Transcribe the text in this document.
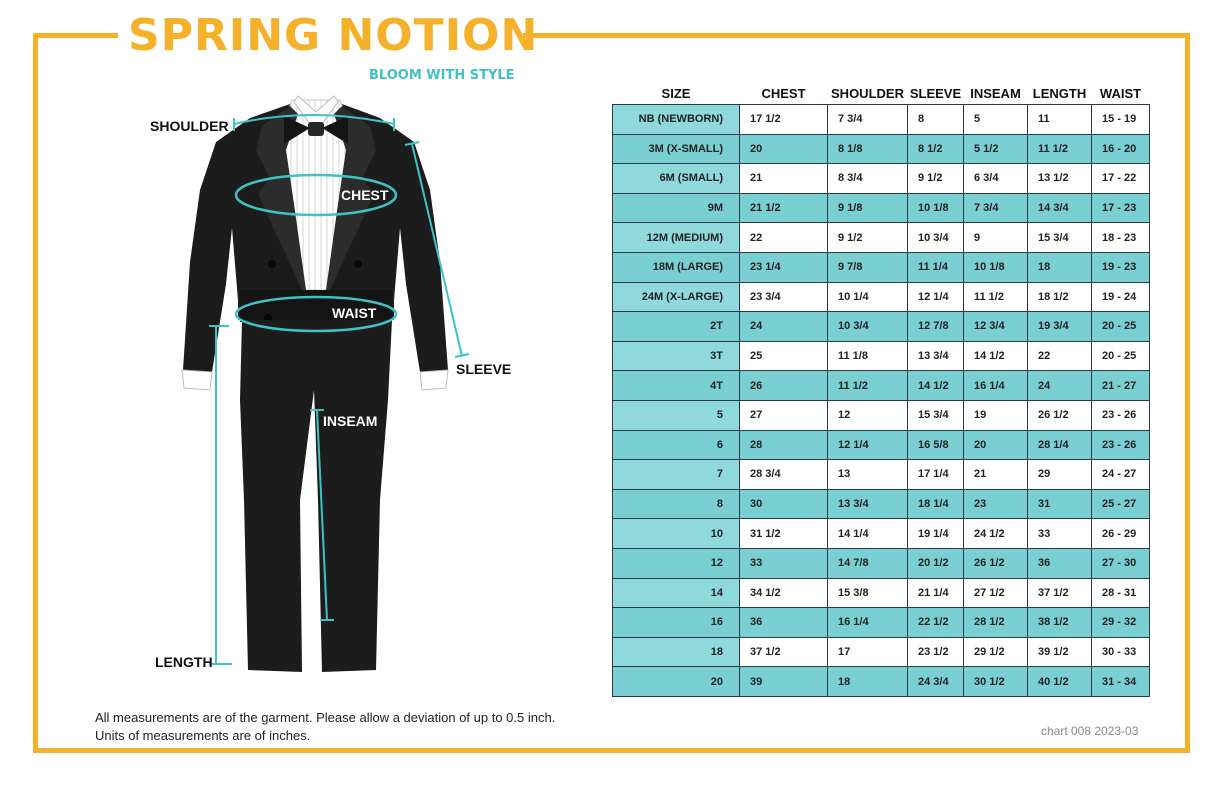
SPRING NOTION
BLOOM WITH STYLE
SHOULDER
CHEST
WAIST
SLEEVE
INSEAM
LENGTH
SIZE	CHEST	SHOULDER	SLEEVE	INSEAM	LENGTH	WAIST
NB (NEWBORN)	17 1/2	7 3/4	8	5	11	15 - 19
3M (X-SMALL)	20	8 1/8	8 1/2	5 1/2	11 1/2	16 - 20
6M (SMALL)	21	8 3/4	9 1/2	6 3/4	13 1/2	17 - 22
9M	21 1/2	9 1/8	10 1/8	7 3/4	14 3/4	17 - 23
12M (MEDIUM)	22	9 1/2	10 3/4	9	15 3/4	18 - 23
18M (LARGE)	23 1/4	9 7/8	11 1/4	10 1/8	18	19 - 23
24M (X-LARGE)	23 3/4	10 1/4	12 1/4	11 1/2	18 1/2	19 - 24
2T	24	10 3/4	12 7/8	12 3/4	19 3/4	20 - 25
3T	25	11 1/8	13 3/4	14 1/2	22	20 - 25
4T	26	11 1/2	14 1/2	16 1/4	24	21 - 27
5	27	12	15 3/4	19	26 1/2	23 - 26
6	28	12 1/4	16 5/8	20	28 1/4	23 - 26
7	28 3/4	13	17 1/4	21	29	24 - 27
8	30	13 3/4	18 1/4	23	31	25 - 27
10	31 1/2	14 1/4	19 1/4	24 1/2	33	26 - 29
12	33	14 7/8	20 1/2	26 1/2	36	27 - 30
14	34 1/2	15 3/8	21 1/4	27 1/2	37 1/2	28 - 31
16	36	16 1/4	22 1/2	28 1/2	38 1/2	29 - 32
18	37 1/2	17	23 1/2	29 1/2	39 1/2	30 - 33
20	39	18	24 3/4	30 1/2	40 1/2	31 - 34
All measurements are of the garment. Please allow a deviation of up to 0.5 inch.
Units of measurements are of inches.	chart 008 2023-03
